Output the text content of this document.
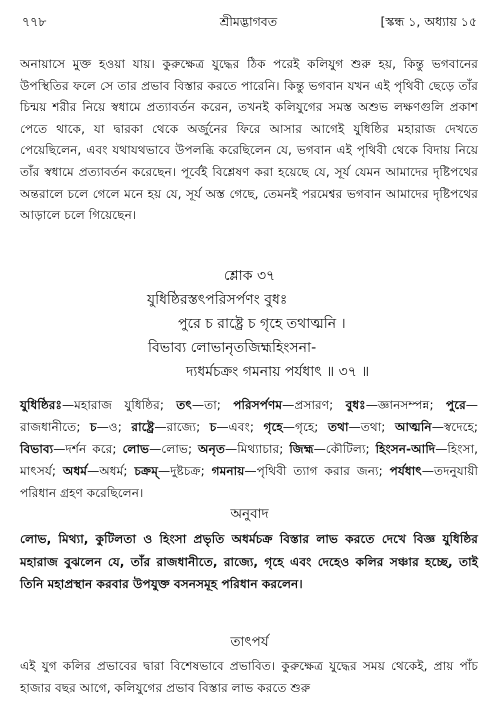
৭৭৮	শ্রীমদ্ভাগবত	[স্কন্ধ ১, অধ্যায় ১৫

অনায়াসে মুক্ত হওয়া যায়। কুরুক্ষেত্র যুদ্ধের ঠিক পরেই কলিযুগ শুরু হয়, কিন্তু ভগবানের উপস্থিতির ফলে সে তার প্রভাব বিস্তার করতে পারেনি। কিন্তু ভগবান যখন এই পৃথিবী ছেড়ে তাঁর চিন্ময় শরীর নিয়ে স্বধামে প্রত্যাবর্তন করেন, তখনই কলিযুগের সমস্ত অশুভ লক্ষণগুলি প্রকাশ পেতে থাকে, যা দ্বারকা থেকে অর্জুনের ফিরে আসার আগেই যুধিষ্ঠির মহারাজ দেখতে পেয়েছিলেন, এবং যথাযথভাবে উপলব্ধি করেছিলেন যে, ভগবান এই পৃথিবী থেকে বিদায় নিয়ে তাঁর স্বধামে প্রত্যাবর্তন করেছেন। পূর্বেই বিশ্লেষণ করা হয়েছে যে, সূর্য যেমন আমাদের দৃষ্টিপথের অন্তরালে চলে গেলে মনে হয় যে, সূর্য অস্ত গেছে, তেমনই পরমেশ্বর ভগবান আমাদের দৃষ্টিপথের আড়ালে চলে গিয়েছেন।

শ্লোক ৩৭
যুধিষ্ঠিরস্তৎপরিসর্পণং বুধঃ
পুরে চ রাষ্ট্রে চ গৃহে তথাত্মনি ।
বিভাব্য লোভানৃতজিহ্মহিংসনা-
দ্যধর্মচক্রং গমনায় পর্যধাৎ ॥ ৩৭ ॥

যুধিষ্ঠিরঃ—মহারাজ যুধিষ্ঠির; তৎ—তা; পরিসর্পণম—প্রসারণ; বুধঃ—জ্ঞানসম্পন্ন; পুরে—রাজধানীতে; চ—ও; রাষ্ট্রে—রাজ্যে; চ—এবং; গৃহে—গৃহে; তথা—তথা; আত্মনি—স্বদেহে; বিভাব্য—দর্শন করে; লোভ—লোভ; অনৃত—মিথ্যাচার; জিহ্ম—কৌটিল্য; হিংসন-আদি—হিংসা, মাৎসর্য; অধর্ম—অধর্ম; চক্রম্—দুষ্টচক্র; গমনায়—পৃথিবী ত্যাগ করার জন্য; পর্যধাৎ—তদনুযায়ী পরিধান গ্রহণ করেছিলেন।

অনুবাদ

লোভ, মিথ্যা, কুটিলতা ও হিংসা প্রভৃতি অধর্মচক্র বিস্তার লাভ করতে দেখে বিজ্ঞ যুধিষ্ঠির মহারাজ বুঝলেন যে, তাঁর রাজধানীতে, রাজ্যে, গৃহে এবং দেহেও কলির সঞ্চার হচ্ছে, তাই তিনি মহাপ্রস্থান করবার উপযুক্ত বসনসমূহ পরিধান করলেন।

তাৎপর্য

এই যুগ কলির প্রভাবের দ্বারা বিশেষভাবে প্রভাবিত। কুরুক্ষেত্র যুদ্ধের সময় থেকেই, প্রায় পাঁচ হাজার বছর আগে, কলিযুগের প্রভাব বিস্তার লাভ করতে শুরু
